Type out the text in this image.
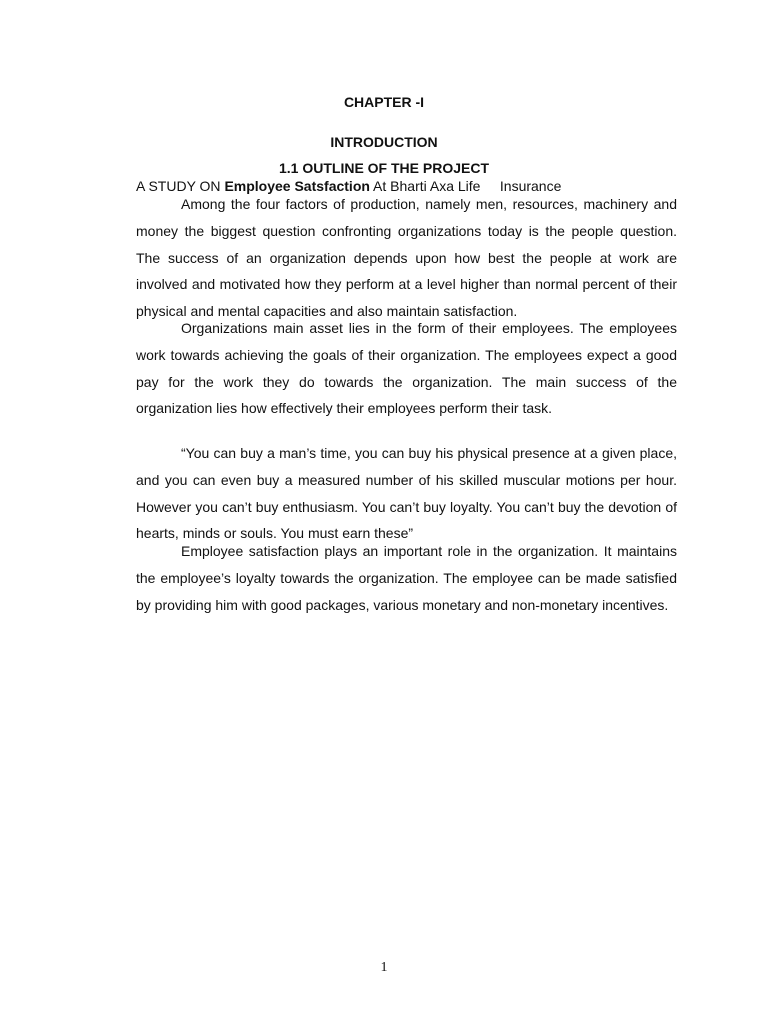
CHAPTER -I
INTRODUCTION
1.1 OUTLINE OF THE PROJECT
A STUDY ON Employee Satsfaction At Bharti Axa Life     Insurance

Among the four factors of production, namely men, resources, machinery and money the biggest question confronting organizations today is the people question. The success of an organization depends upon how best the people at work are involved and motivated how they perform at a level higher than normal percent of their physical and mental capacities and also maintain satisfaction.

Organizations main asset lies in the form of their employees. The employees work towards achieving the goals of their organization. The employees expect a good pay for the work they do towards the organization. The main success of the organization lies how effectively their employees perform their task.

“You can buy a man’s time, you can buy his physical presence at a given place, and you can even buy a measured number of his skilled muscular motions per hour. However you can’t buy enthusiasm. You can’t buy loyalty. You can’t buy the devotion of hearts, minds or souls. You must earn these”

Employee satisfaction plays an important role in the organization. It maintains the employee’s loyalty towards the organization. The employee can be made satisfied by providing him with good packages, various monetary and non-monetary incentives.

1
